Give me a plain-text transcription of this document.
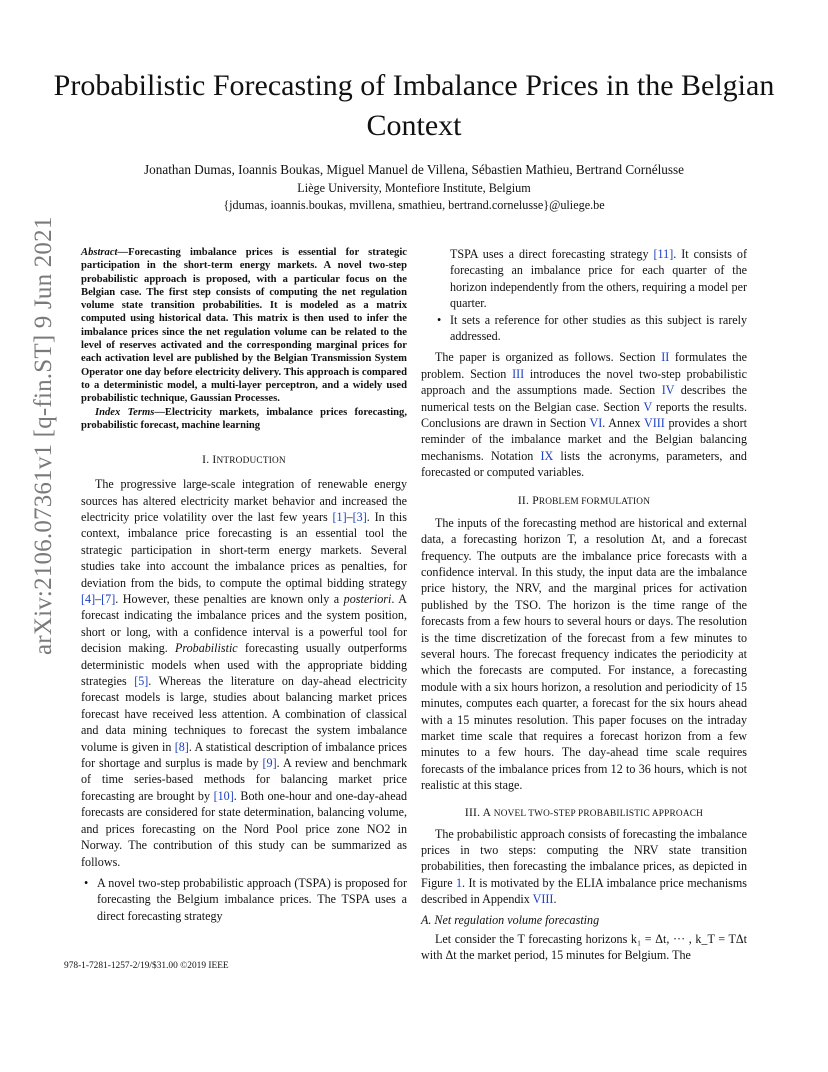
Probabilistic Forecasting of Imbalance Prices in the Belgian Context
Jonathan Dumas, Ioannis Boukas, Miguel Manuel de Villena, Sébastien Mathieu, Bertrand Cornélusse
Liège University, Montefiore Institute, Belgium
{jdumas, ioannis.boukas, mvillena, smathieu, bertrand.cornelusse}@uliege.be
arXiv:2106.07361v1 [q-fin.ST] 9 Jun 2021 Abstract—Forecasting imbalance prices is essential for strategic participation in the short-term energy markets. A novel two-step probabilistic approach is proposed, with a particular focus on the Belgian case. The first step consists of computing the net regulation volume state transition probabilities. It is modeled as a matrix computed using historical data. This matrix is then used to infer the imbalance prices since the net regulation volume can be related to the level of reserves activated and the corresponding marginal prices for each activation level are published by the Belgian Transmission System Operator one day before electricity delivery. This approach is compared to a deterministic model, a multi-layer perceptron, and a widely used probabilistic technique, Gaussian Processes.

Index Terms—Electricity markets, imbalance prices forecasting, probabilistic forecast, machine learning

I. INTRODUCTION

The progressive large-scale integration of renewable energy sources has altered electricity market behavior and increased the electricity price volatility over the last few years [1]–[3]. In this context, imbalance price forecasting is an essential tool the strategic participation in short-term energy markets. Several studies take into account the imbalance prices as penalties, for deviation from the bids, to compute the optimal bidding strategy [4]–[7]. However, these penalties are known only a posteriori. A forecast indicating the imbalance prices and the system position, short or long, with a confidence interval is a powerful tool for decision making. Probabilistic forecasting usually outperforms deterministic models when used with the appropriate bidding strategies [5]. Whereas the literature on day-ahead electricity forecast models is large, studies about balancing market prices forecast have received less attention. A combination of classical and data mining techniques to forecast the system imbalance volume is given in [8]. A statistical description of imbalance prices for shortage and surplus is made by [9]. A review and benchmark of time series-based methods for balancing market price forecasting are brought by [10]. Both one-hour and one-day-ahead forecasts are considered for state determination, balancing volume, and prices forecasting on the Nord Pool price zone NO2 in Norway. The contribution of this study can be summarized as follows.

• A novel two-step probabilistic approach (TSPA) is proposed for forecasting the Belgium imbalance prices. The TSPA uses a direct forecasting strategy
TSPA uses a direct forecasting strategy [11]. It consists of forecasting an imbalance price for each quarter of the horizon independently from the others, requiring a model per quarter.
• It sets a reference for other studies as this subject is rarely addressed.

The paper is organized as follows. Section II formulates the problem. Section III introduces the novel two-step probabilistic approach and the assumptions made. Section IV describes the numerical tests on the Belgian case. Section V reports the results. Conclusions are drawn in Section VI. Annex VIII provides a short reminder of the imbalance market and the Belgian balancing mechanisms. Notation IX lists the acronyms, parameters, and forecasted or computed variables.

II. PROBLEM FORMULATION

The inputs of the forecasting method are historical and external data, a forecasting horizon T, a resolution Δt, and a forecast frequency. The outputs are the imbalance price forecasts with a confidence interval. In this study, the input data are the imbalance price history, the NRV, and the marginal prices for activation published by the TSO. The horizon is the time range of the forecasts from a few hours to several hours or days. The resolution is the time discretization of the forecast from a few minutes to several hours. The forecast frequency indicates the periodicity at which the forecasts are computed. For instance, a forecasting module with a six hours horizon, a resolution and periodicity of 15 minutes, computes each quarter, a forecast for the six hours ahead with a 15 minutes resolution. This paper focuses on the intraday market time scale that requires a forecast horizon from a few minutes to a few hours. The day-ahead time scale requires forecasts of the imbalance prices from 12 to 36 hours, which is not realistic at this stage.

III. A NOVEL TWO-STEP PROBABILISTIC APPROACH

The probabilistic approach consists of forecasting the imbalance prices in two steps: computing the NRV state transition probabilities, then forecasting the imbalance prices, as depicted in Figure 1. It is motivated by the ELIA imbalance price mechanisms described in Appendix VIII.

A. Net regulation volume forecasting

Let consider the T forecasting horizons k₁ = Δt, ··· , k_T = TΔt with Δt the market period, 15 minutes for Belgium. The

978-1-7281-1257-2/19/$31.00 ©2019 IEEE
